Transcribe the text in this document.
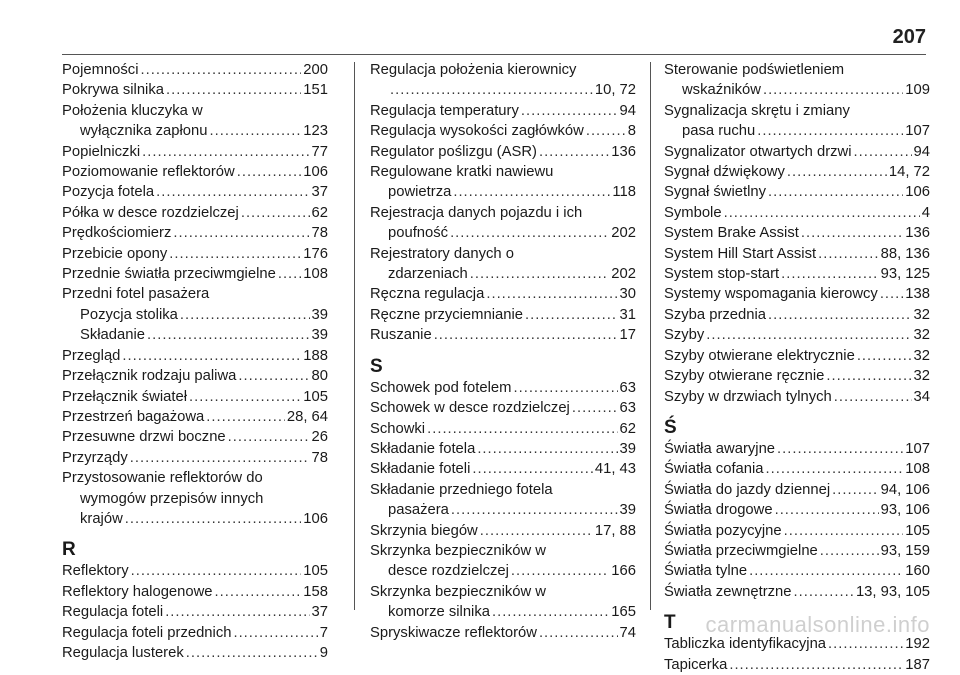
207
Pojemności .....	200
Pokrywa silnika .....	151
Położenia kluczyka w
wyłącznika zapłonu .....	123
Popielniczki .....	77
Poziomowanie reflektorów .....	106
Pozycja fotela .....	37
Półka w desce rozdzielczej .....	62
Prędkościomierz .....	78
Przebicie opony .....	176
Przednie światła przeciwmgielne ..... 108
Przedni fotel pasażera
Pozycja stolika .....	39
Składanie .....	39
Przegląd .....	188
Przełącznik rodzaju paliwa .....	80
Przełącznik świateł .....	105
Przestrzeń bagażowa .....	28, 64
Przesuwne drzwi boczne .....	26
Przyrządy .....	78
Przystosowanie reflektorów do
wymogów przepisów innych
krajów .....	106
R
Reflektory .....	105
Reflektory halogenowe .....	158
Regulacja foteli .....	37
Regulacja foteli przednich .....	7
Regulacja lusterek .....	9
Regulacja położenia kierownicy
.....
10, 72
Regulacja temperatury .....	94
Regulacja wysokości zagłówków .....	8
Regulator poślizgu (ASR) .....	136
Regulowane kratki nawiewu
powietrza .....	118
Rejestracja danych pojazdu i ich
poufność .....	202
Rejestratory danych o
zdarzeniach .....	202
Ręczna regulacja .....	30
Ręczne przyciemnianie .....	31
Ruszanie .....	17
S
Schowek pod fotelem .....	63
Schowek w desce rozdzielczej .....	63
Schowki .....	62
Składanie fotela .....	39
Składanie foteli .....	41, 43
Składanie przedniego fotela
pasażera .....	39
Skrzynia biegów .....	17, 88
Skrzynka bezpieczników w
desce rozdzielczej .....	166
Skrzynka bezpieczników w
komorze silnika .....	165
Spryskiwacze reflektorów .....	74
Sterowanie podświetleniem
wskaźników .....	109
Sygnalizacja skrętu i zmiany
pasa ruchu .....	107
Sygnalizator otwartych drzwi .....	94
Sygnał dźwiękowy .....	14, 72
Sygnał świetlny .....	106
Symbole .....	4
System Brake Assist .....	136
System Hill Start Assist .....	88, 136
System stop-start .....	93, 125
Systemy wspomagania kierowcy ..... 138
Szyba przednia .....	32
Szyby .....	32
Szyby otwierane elektrycznie .....	32
Szyby otwierane ręcznie .....	32
Szyby w drzwiach tylnych .....	34
Ś
Światła awaryjne .....	107
Światła cofania .....	108
Światła do jazdy dziennej .....	94, 106
Światła drogowe .....	93, 106
Światła pozycyjne .....	105
Światła przeciwmgielne .....	93, 159
Światła tylne .....	160
Światła zewnętrzne .....	13, 93, 105
T
Tabliczka identyfikacyjna .....	192
Tapicerka .....	187
carmanualsonline.info
